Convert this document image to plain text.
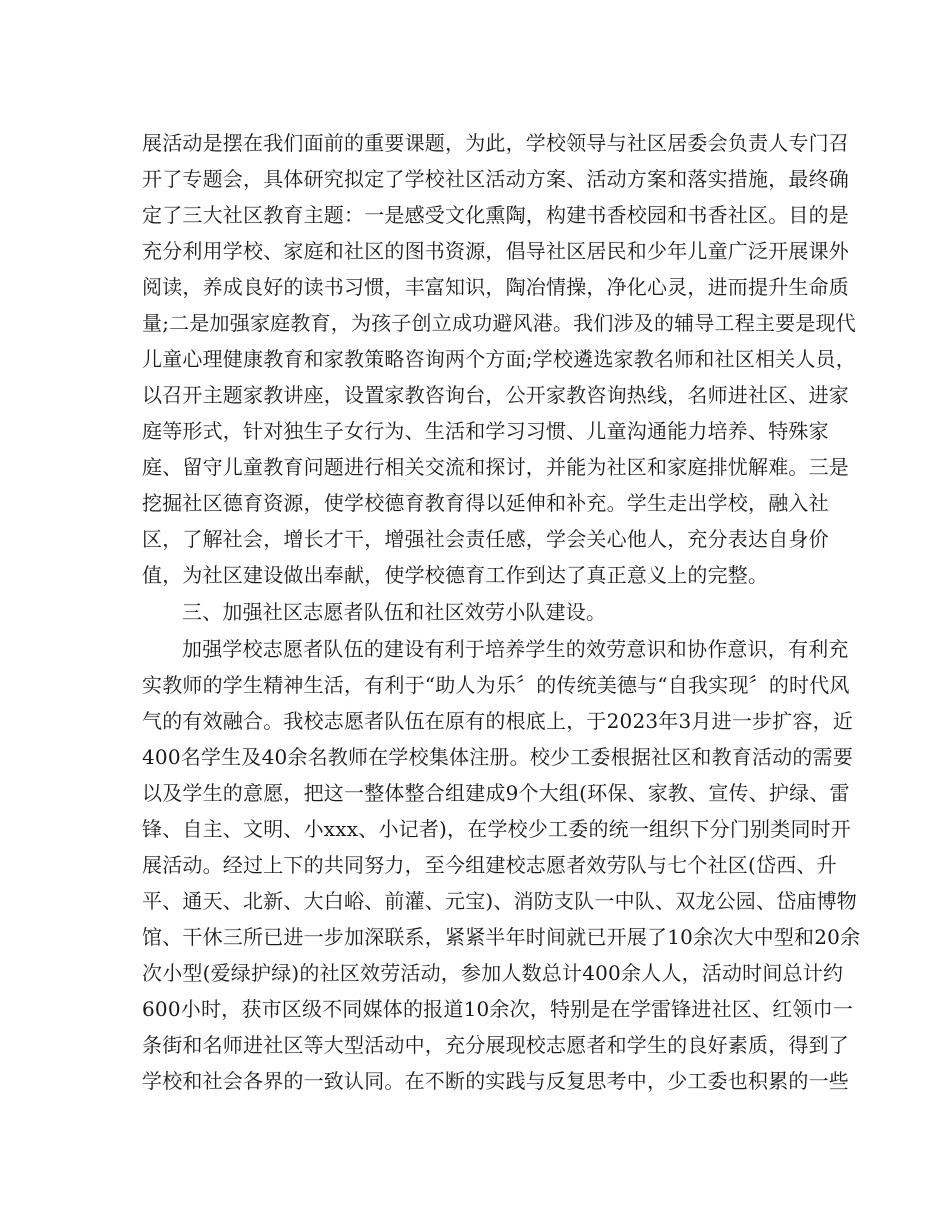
展活动是摆在我们面前的重要课题，为此，学校领导与社区居委会负责人专门召
开了专题会，具体研究拟定了学校社区活动方案、活动方案和落实措施，最终确
定了三大社区教育主题：一是感受文化熏陶，构建书香校园和书香社区。目的是
充分利用学校、家庭和社区的图书资源，倡导社区居民和少年儿童广泛开展课外
阅读，养成良好的读书习惯，丰富知识，陶冶情操，净化心灵，进而提升生命质
量;二是加强家庭教育，为孩子创立成功避风港。我们涉及的辅导工程主要是现代
儿童心理健康教育和家教策略咨询两个方面;学校遴选家教名师和社区相关人员，
以召开主题家教讲座，设置家教咨询台，公开家教咨询热线，名师进社区、进家
庭等形式，针对独生子女行为、生活和学习习惯、儿童沟通能力培养、特殊家
庭、留守儿童教育问题进行相关交流和探讨，并能为社区和家庭排忧解难。三是
挖掘社区德育资源，使学校德育教育得以延伸和补充。学生走出学校，融入社
区，了解社会，增长才干，增强社会责任感，学会关心他人，充分表达自身价
值，为社区建设做出奉献，使学校德育工作到达了真正意义上的完整。
三、加强社区志愿者队伍和社区效劳小队建设。
加强学校志愿者队伍的建设有利于培养学生的效劳意识和协作意识，有利充
实教师的学生精神生活，有利于“助人为乐〞的传统美德与“自我实现〞的时代风
气的有效融合。我校志愿者队伍在原有的根底上，于2023年3月进一步扩容，近
400名学生及40余名教师在学校集体注册。校少工委根据社区和教育活动的需要
以及学生的意愿，把这一整体整合组建成9个大组(环保、家教、宣传、护绿、雷
锋、自主、文明、小xxx、小记者)，在学校少工委的统一组织下分门别类同时开
展活动。经过上下的共同努力，至今组建校志愿者效劳队与七个社区(岱西、升
平、通天、北新、大白峪、前灌、元宝)、消防支队一中队、双龙公园、岱庙博物
馆、干休三所已进一步加深联系，紧紧半年时间就已开展了10余次大中型和20余
次小型(爱绿护绿)的社区效劳活动，参加人数总计400余人人，活动时间总计约
600小时，获市区级不同媒体的报道10余次，特别是在学雷锋进社区、红领巾一
条街和名师进社区等大型活动中，充分展现校志愿者和学生的良好素质，得到了
学校和社会各界的一致认同。在不断的实践与反复思考中，少工委也积累的一些
